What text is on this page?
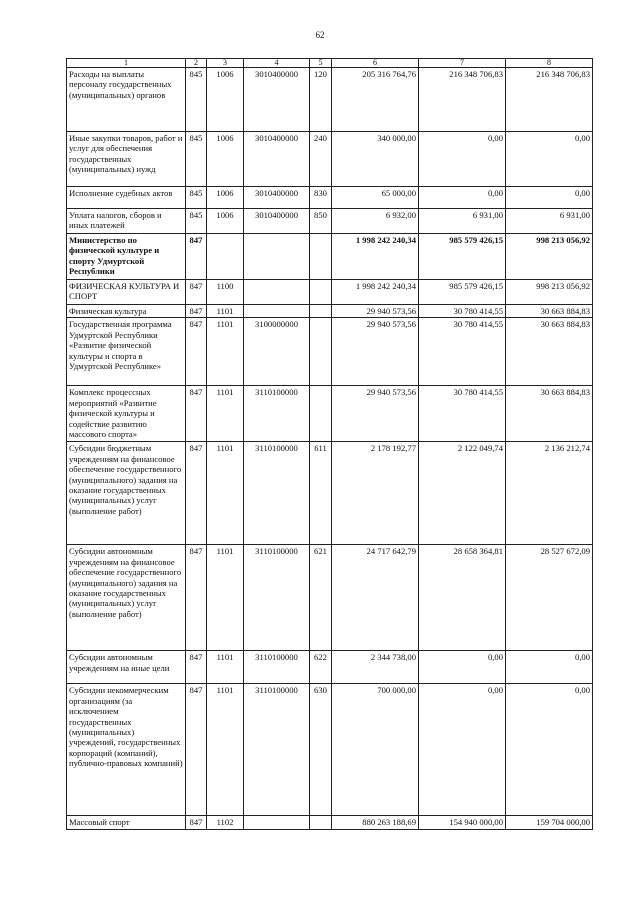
62
1	2	3	4	5	6	7	8
Расходы на выплаты персоналу государственных (муниципальных) органов	845	1006	3010400000	120	205 316 764,76	216 348 706,83	216 348 706,83
Иные закупки товаров, работ и услуг для обеспечения государственных (муниципальных) нужд	845	1006	3010400000	240	340 000,00	0,00	0,00
Исполнение судебных актов	845	1006	3010400000	830	65 000,00	0,00	0,00
Уплата налогов, сборов и иных платежей	845	1006	3010400000	850	6 932,00	6 931,00	6 931,00
Министерство по физической культуре и спорту Удмуртской Республики	847				1 998 242 240,34	985 579 426,15	998 213 056,92
ФИЗИЧЕСКАЯ КУЛЬТУРА И СПОРТ	847	1100			1 998 242 240,34	985 579 426,15	998 213 056,92
Физическая культура	847	1101			29 940 573,56	30 780 414,55	30 663 884,83
Государственная программа Удмуртской Республики «Развитие физической культуры и спорта в Удмуртской Республике»	847	1101	3100000000		29 940 573,56	30 780 414,55	30 663 884,83
Комплекс процессных мероприятий «Развитие физической культуры и содействие развитию массового спорта»	847	1101	3110100000		29 940 573,56	30 780 414,55	30 663 884,83
Субсидии бюджетным учреждениям на финансовое обеспечение государственного (муниципального) задания на оказание государственных (муниципальных) услуг (выполнение работ)	847	1101	3110100000	611	2 178 192,77	2 122 049,74	2 136 212,74
Субсидии автономным учреждениям на финансовое обеспечение государственного (муниципального) задания на оказание государственных (муниципальных) услуг (выполнение работ)	847	1101	3110100000	621	24 717 642,79	28 658 364,81	28 527 672,09
Субсидии автономным учреждениям на иные цели	847	1101	3110100000	622	2 344 738,00	0,00	0,00
Субсидии некоммерческим организациям (за исключением государственных (муниципальных) учреждений, государственных корпораций (компаний), публично-правовых компаний)	847	1101	3110100000	630	700 000,00	0,00	0,00
Массовый спорт	847	1102			880 263 188,69	154 940 000,00	159 704 000,00
